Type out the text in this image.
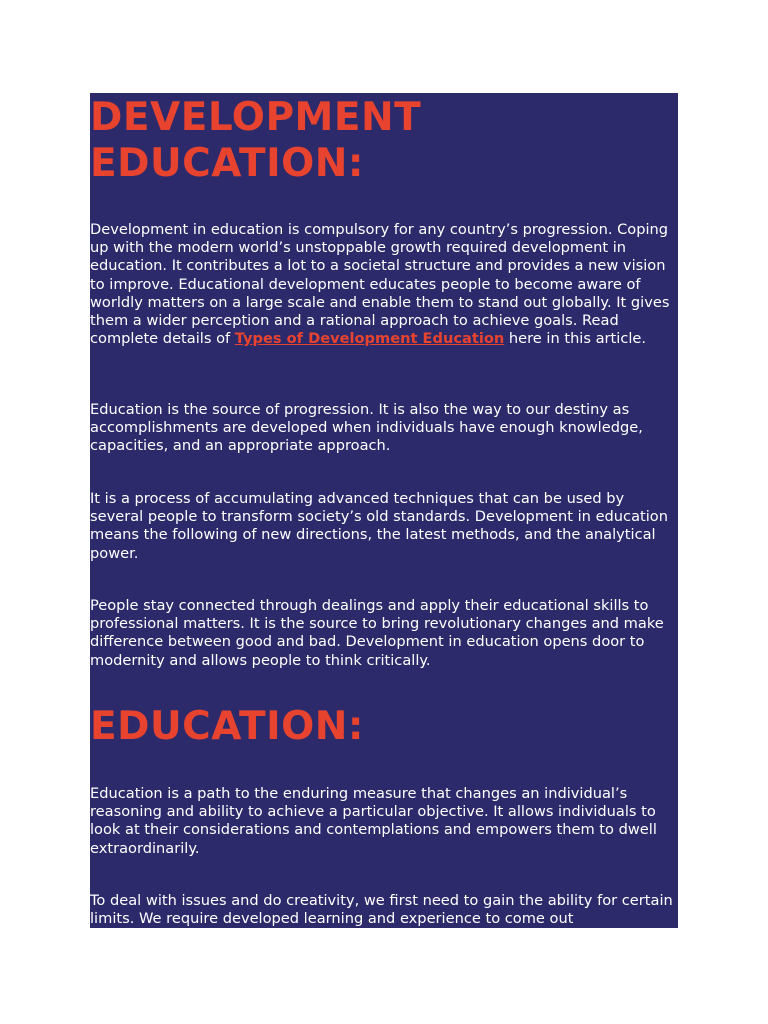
DEVELOPMENT EDUCATION:

Development in education is compulsory for any country’s progression. Coping up with the modern world’s unstoppable growth required development in education. It contributes a lot to a societal structure and provides a new vision to improve. Educational development educates people to become aware of worldly matters on a large scale and enable them to stand out globally. It gives them a wider perception and a rational approach to achieve goals. Read complete details of Types of Development Education here in this article.

Education is the source of progression. It is also the way to our destiny as accomplishments are developed when individuals have enough knowledge, capacities, and an appropriate approach.

It is a process of accumulating advanced techniques that can be used by several people to transform society’s old standards. Development in education means the following of new directions, the latest methods, and the analytical power.

People stay connected through dealings and apply their educational skills to professional matters. It is the source to bring revolutionary changes and make difference between good and bad. Development in education opens door to modernity and allows people to think critically.

EDUCATION:

Education is a path to the enduring measure that changes an individual’s reasoning and ability to achieve a particular objective. It allows individuals to look at their considerations and contemplations and empowers them to dwell extraordinarily.

To deal with issues and do creativity, we first need to gain the ability for certain limits. We require developed learning and experience to come out
